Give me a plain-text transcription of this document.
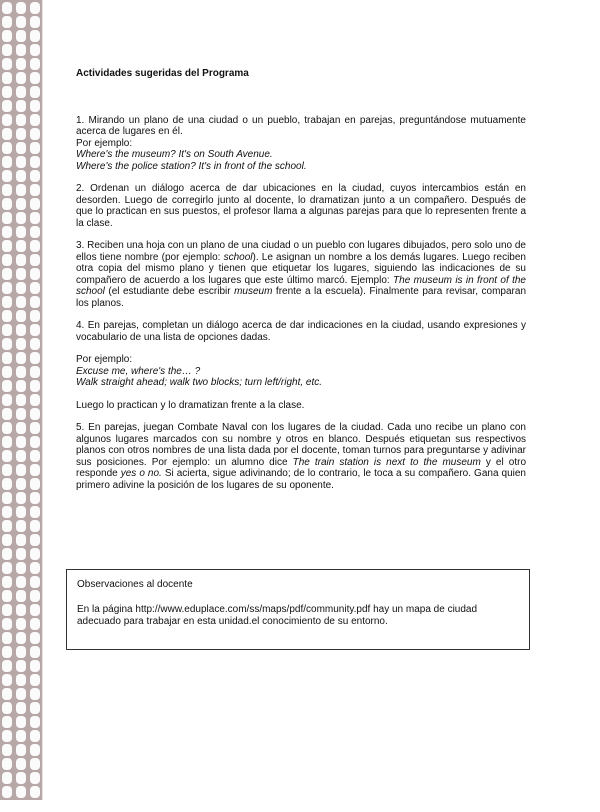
Actividades sugeridas del Programa

1. Mirando un plano de una ciudad o un pueblo, trabajan en parejas, preguntándose mutuamente acerca de lugares en él.

Por ejemplo:

Where's the museum? It's on South Avenue.

Where's the police station? It's in front of the school.

2. Ordenan un diálogo acerca de dar ubicaciones en la ciudad, cuyos intercambios están en desorden. Luego de corregirlo junto al docente, lo dramatizan junto a un compañero. Después de que lo practican en sus puestos, el profesor llama a algunas parejas para que lo representen frente a la clase.

3. Reciben una hoja con un plano de una ciudad o un pueblo con lugares dibujados, pero solo uno de ellos tiene nombre (por ejemplo: school). Le asignan un nombre a los demás lugares. Luego reciben otra copia del mismo plano y tienen que etiquetar los lugares, siguiendo las indicaciones de su compañero de acuerdo a los lugares que este último marcó. Ejemplo: The museum is in front of the school (el estudiante debe escribir museum frente a la escuela). Finalmente para revisar, comparan los planos.

4. En parejas, completan un diálogo acerca de dar indicaciones en la ciudad, usando expresiones y vocabulario de una lista de opciones dadas.

Por ejemplo:

Excuse me, where's the… ?

Walk straight ahead; walk two blocks; turn left/right, etc.

Luego lo practican y lo dramatizan frente a la clase.

5. En parejas, juegan Combate Naval con los lugares de la ciudad. Cada uno recibe un plano con algunos lugares marcados con su nombre y otros en blanco. Después etiquetan sus respectivos planos con otros nombres de una lista dada por el docente, toman turnos para preguntarse y adivinar sus posiciones. Por ejemplo: un alumno dice The train station is next to the museum y el otro responde yes o no. Si acierta, sigue adivinando; de lo contrario, le toca a su compañero. Gana quien primero adivine la posición de los lugares de su oponente.

Observaciones al docente

En la página http://www.eduplace.com/ss/maps/pdf/community.pdf hay un mapa de ciudad adecuado para trabajar en esta unidad.el conocimiento de su entorno.
